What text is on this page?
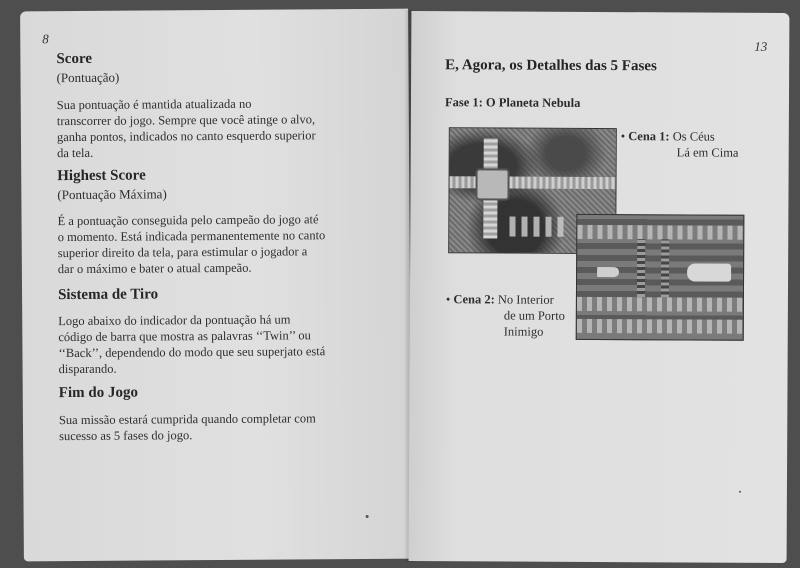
8
Score
(Pontuação)
Sua pontuação é mantida atualizada no
transcorrer do jogo. Sempre que você atinge o alvo,
ganha pontos, indicados no canto esquerdo superior
da tela.
Highest Score
(Pontuação Máxima)
É a pontuação conseguida pelo campeão do jogo até
o momento. Está indicada permanentemente no canto
superior direito da tela, para estimular o jogador a
dar o máximo e bater o atual campeão.
Sistema de Tiro
Logo abaixo do indicador da pontuação há um
código de barra que mostra as palavras ‘‘Twin’’ ou
‘‘Back’’, dependendo do modo que seu superjato está
disparando.
Fim do Jogo
Sua missão estará cumprida quando completar com
sucesso as 5 fases do jogo.
13
E, Agora, os Detalhes das 5 Fases
Fase 1: O Planeta Nebula
• Cena 1: Os Céus
Lá em Cima
• Cena 2: No Interior
de um Porto
Inimigo
